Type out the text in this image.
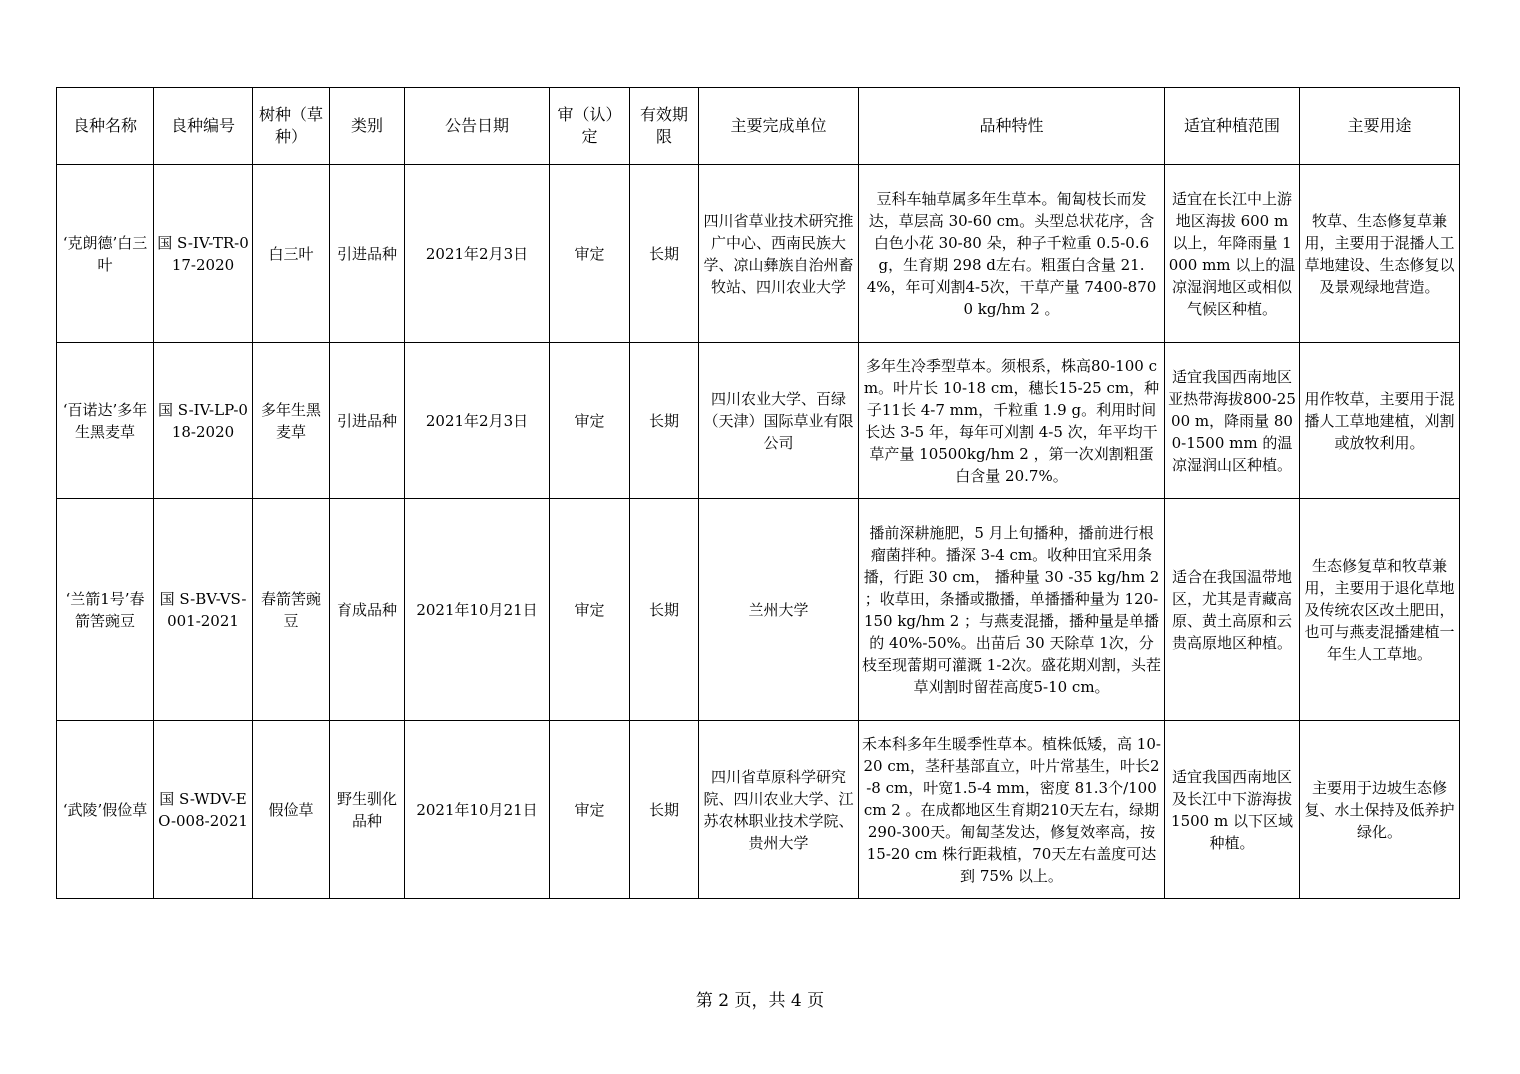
良种名称	良种编号	树种（草种）	类别	公告日期	审（认）定	有效期限	主要完成单位	品种特性	适宜种植范围	主要用途
‘克朗德’白三叶	国 S-IV-TR-017-2020	白三叶	引进品种	2021年2月3日	审定	长期	四川省草业技术研究推广中心、西南民族大学、凉山彝族自治州畜牧站、四川农业大学	豆科车轴草属多年生草本。匍匐枝长而发达，草层高 30-60 cm。头型总状花序，含白色小花 30-80 朵，种子千粒重 0.5-0.6 g，生育期 298 d左右。粗蛋白含量 21.4%，年可刈割4-5次，干草产量 7400-8700 kg/hm 2 。	适宜在长江中上游地区海拔 600 m 以上，年降雨量 1000 mm 以上的温凉湿润地区或相似气候区种植。	牧草、生态修复草兼用，主要用于混播人工草地建设、生态修复以及景观绿地营造。
‘百诺达’多年生黑麦草	国 S-IV-LP-018-2020	多年生黑麦草	引进品种	2021年2月3日	审定	长期	四川农业大学、百绿（天津）国际草业有限公司	多年生冷季型草本。须根系，株高80-100 cm。叶片长 10-18 cm，穗长15-25 cm，种子11长 4-7 mm，千粒重 1.9 g。利用时间长达 3-5 年，每年可刈割 4-5 次，年平均干草产量 10500kg/hm 2 ，第一次刈割粗蛋白含量 20.7%。	适宜我国西南地区亚热带海拔800-2500 m，降雨量 800-1500 mm 的温凉湿润山区种植。	用作牧草，主要用于混播人工草地建植，刈割或放牧利用。
‘兰箭1号’春箭筈豌豆	国 S-BV-VS-001-2021	春箭筈豌豆	育成品种	2021年10月21日	审定	长期	兰州大学	播前深耕施肥，5 月上旬播种，播前进行根瘤菌拌种。播深 3-4 cm。收种田宜采用条播，行距 30 cm， 播种量 30 -35 kg/hm 2 ；收草田，条播或撒播，单播播种量为 120-150 kg/hm 2 ；与燕麦混播，播种量是单播的 40%-50%。出苗后 30 天除草 1次，分枝至现蕾期可灌溉 1-2次。盛花期刈割，头茬草刈割时留茬高度5-10 cm。	适合在我国温带地区，尤其是青藏高原、黄土高原和云贵高原地区种植。	生态修复草和牧草兼用，主要用于退化草地及传统农区改土肥田，也可与燕麦混播建植一年生人工草地。
‘武陵’假俭草	国 S-WDV-EO-008-2021	假俭草	野生驯化品种	2021年10月21日	审定	长期	四川省草原科学研究院、四川农业大学、江苏农林职业技术学院、贵州大学	禾本科多年生暖季性草本。植株低矮，高 10-20 cm，茎秆基部直立，叶片常基生，叶长2-8 cm，叶宽1.5-4 mm，密度 81.3个/100 cm 2 。在成都地区生育期210天左右，绿期290-300天。匍匐茎发达，修复效率高，按 15-20 cm 株行距栽植，70天左右盖度可达到 75% 以上。	适宜我国西南地区及长江中下游海拔 1500 m 以下区域种植。	主要用于边坡生态修复、水土保持及低养护绿化。
第 2 页，共 4 页
